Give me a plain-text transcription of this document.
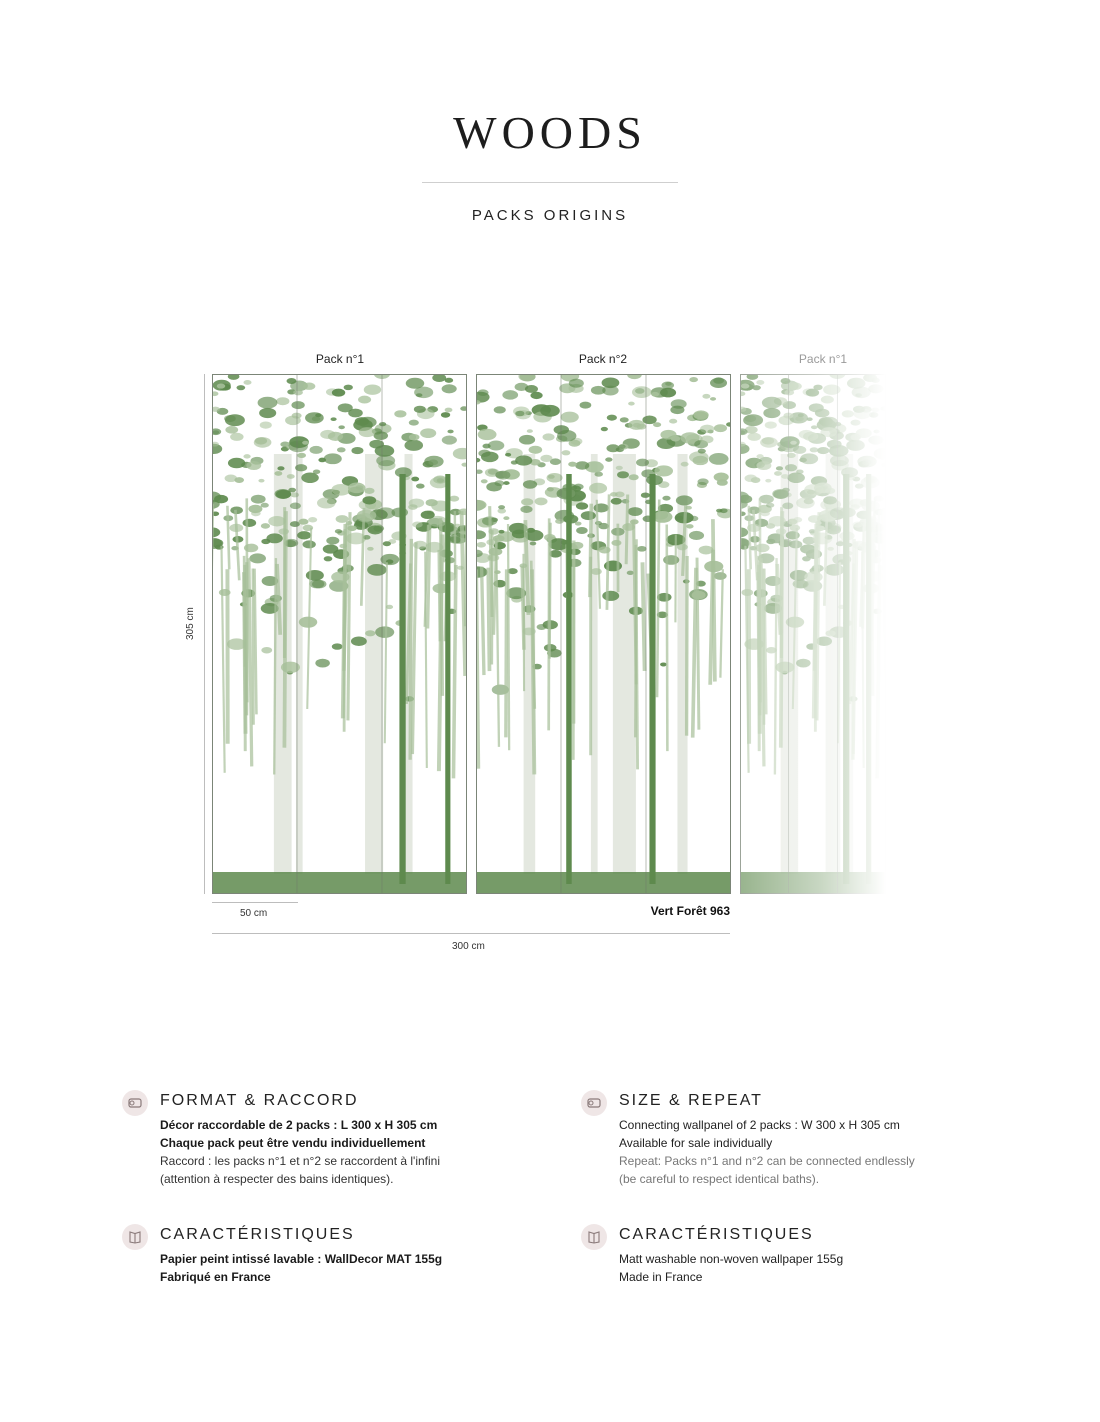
WOODS
PACKS ORIGINS
Pack n°1	Pack n°2	Pack n°1
305 cm
50 cm
300 cm
Vert Forêt 963
FORMAT & RACCORD
Décor raccordable de 2 packs : L 300 x H 305 cm
Chaque pack peut être vendu individuellement
Raccord : les packs n°1 et n°2 se raccordent à l'infini
(attention à respecter des bains identiques).
SIZE & REPEAT
Connecting wallpanel of 2 packs : W 300 x H 305 cm
Available for sale individually
Repeat: Packs n°1 and n°2 can be connected endlessly
(be careful to respect identical baths).
CARACTÉRISTIQUES
Papier peint intissé lavable : WallDecor MAT 155g
Fabriqué en France
CARACTÉRISTIQUES
Matt washable non-woven wallpaper 155g
Made in France
